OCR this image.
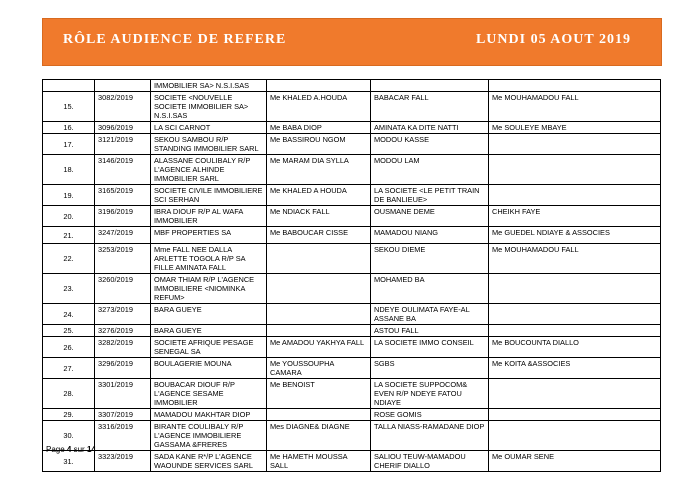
RÔLE AUDIENCE DE REFERE	LUNDI 05 AOUT 2019
		IMMOBILIER SA> N.S.I.SAS			
15.	3082/2019	SOCIETE <NOUVELLE SOCIETE IMMOBILIER SA> N.S.I.SAS	Me KHALED A.HOUDA	BABACAR FALL	Me MOUHAMADOU FALL
16.	3096/2019	LA SCI CARNOT	Me BABA DIOP	AMINATA KA DITE NATTI	Me SOULEYE MBAYE
17.	3121/2019	SEKOU SAMBOU R/P STANDING IMMOBILIER SARL	Me BASSIROU NGOM	MODOU KASSE	
18.	3146/2019	ALASSANE COULIBALY R/P L'AGENCE ALHINDE IMMOBILIER SARL	Me MARAM DIA SYLLA	MODOU LAM	
19.	3165/2019	SOCIETE CIVILE IMMOBILIERE SCI SERHAN	Me KHALED A HOUDA	LA SOCIETE <LE PETIT TRAIN DE BANLIEUE>	
20.	3196/2019	IBRA DIOUF R/P AL WAFA IMMOBILIER	Me NDIACK FALL	OUSMANE DEME	CHEIKH FAYE
21.	3247/2019	MBF PROPERTIES SA	Me BABOUCAR CISSE	MAMADOU NIANG	Me GUEDEL NDIAYE & ASSOCIES
22.	3253/2019	Mme FALL NEE DALLA ARLETTE TOGOLA R/P SA FILLE AMINATA FALL		SEKOU DIEME	Me MOUHAMADOU FALL
23.	3260/2019	OMAR THIAM R/P L'AGENCE IMMOBILIERE <NIOMINKA REFUM>		MOHAMED BA	
24.	3273/2019	BARA GUEYE		NDEYE OULIMATA FAYE-AL ASSANE BA	
25.	3276/2019	BARA GUEYE		ASTOU FALL	
26.	3282/2019	SOCIETE AFRIQUE PESAGE SENEGAL SA	Me AMADOU YAKHYA FALL	LA SOCIETE IMMO CONSEIL	Me BOUCOUNTA DIALLO
27.	3296/2019	BOULAGERIE MOUNA	Me YOUSSOUPHA CAMARA	SGBS	Me KOITA &ASSOCIES
28.	3301/2019	BOUBACAR DIOUF R/P L'AGENCE SESAME IMMOBILIER	Me BENOIST	LA SOCIETE SUPPOCOM& EVEN R/P NDEYE FATOU NDIAYE	
29.	3307/2019	MAMADOU MAKHTAR DIOP		ROSE GOMIS	
30.	3316/2019	BIRANTE COULIBALY R/P L'AGENCE IMMOBILIERE GASSAMA &FRERES	Mes DIAGNE& DIAGNE	TALLA NIASS-RAMADANE DIOP	
31.	3323/2019	SADA KANE R*/P L'AGENCE WAOUNDE SERVICES SARL	Me HAMETH MOUSSA SALL	SALIOU TEUW-MAMADOU CHERIF DIALLO	Me OUMAR SENE
Page 4 sur 14
